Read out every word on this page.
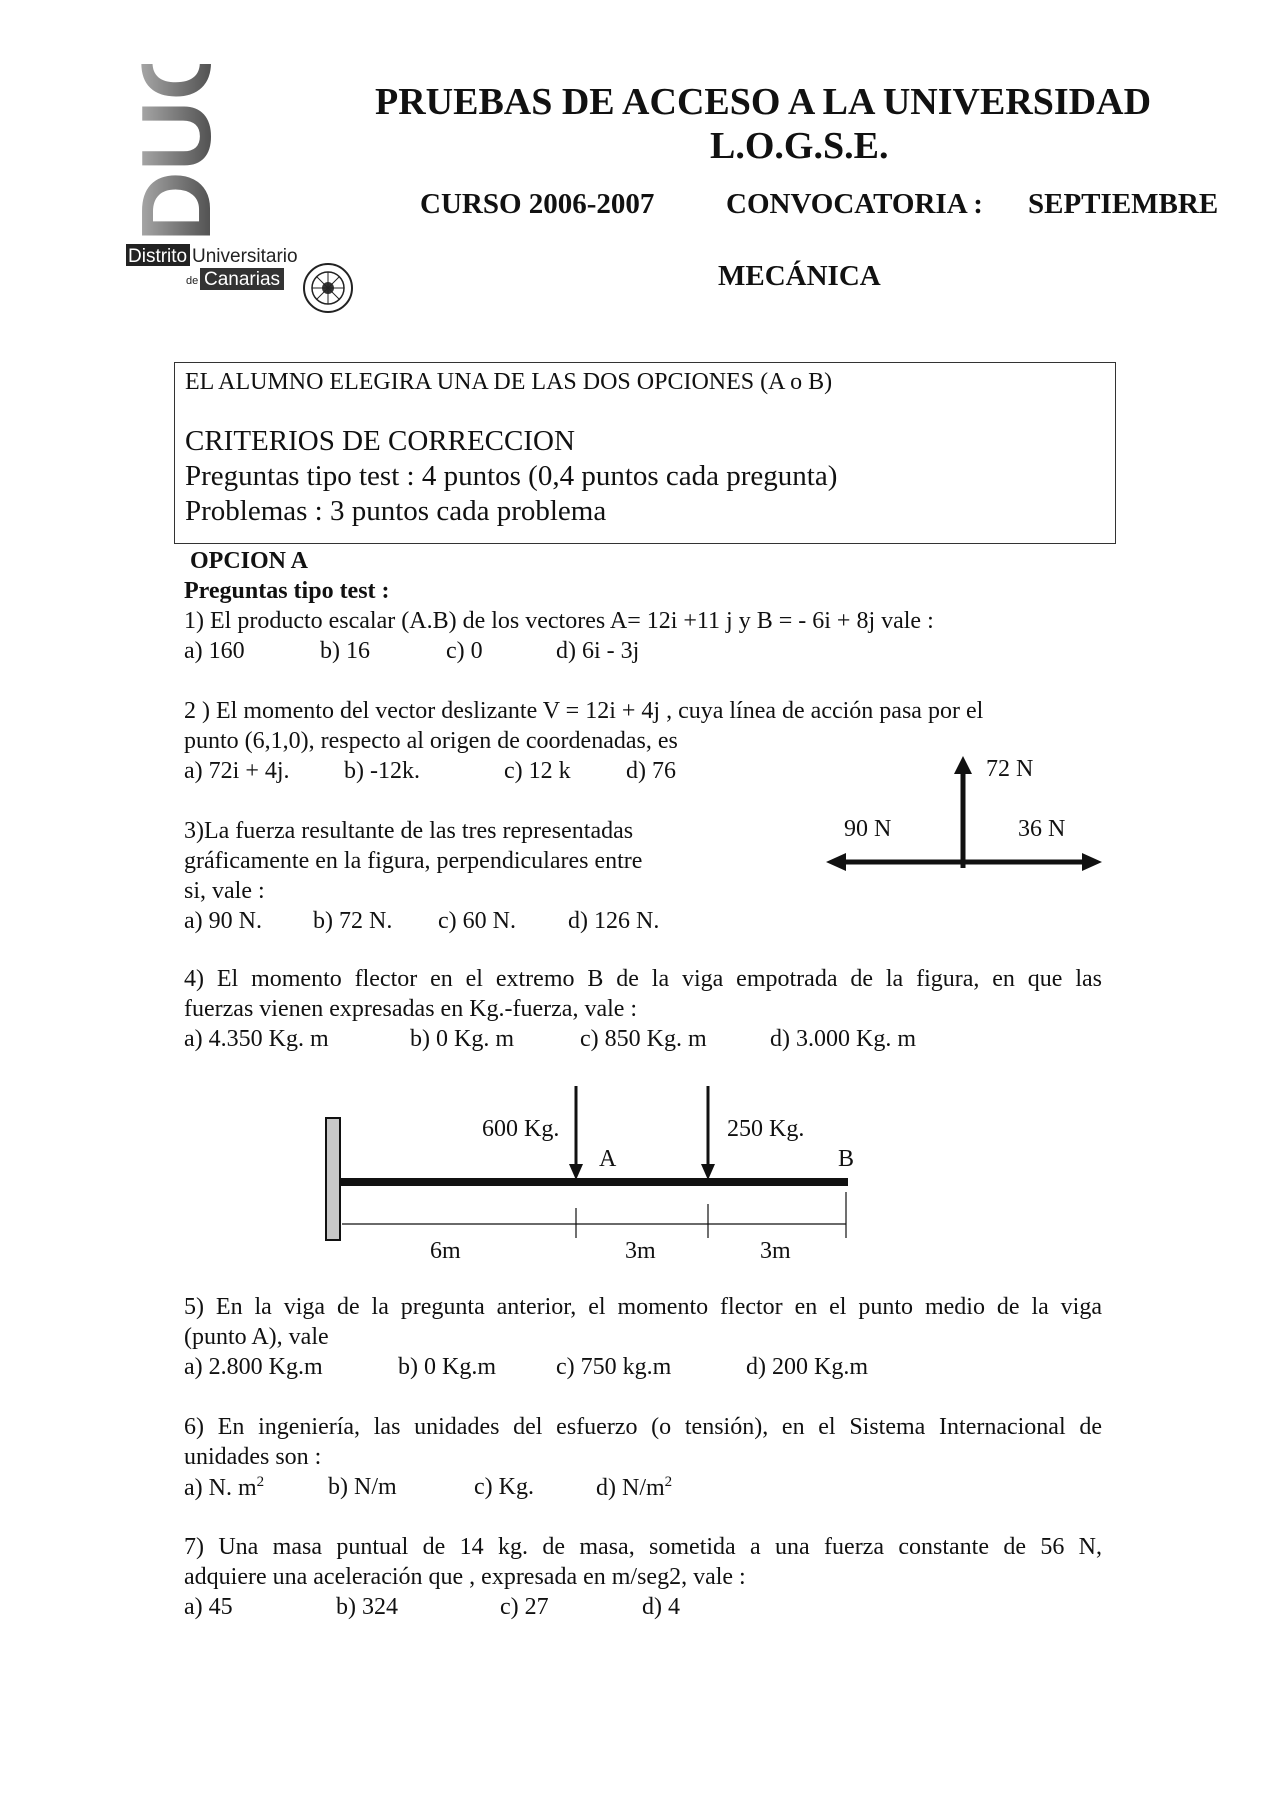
DUC
Distrito Universitario
de Canarias
PRUEBAS DE ACCESO A LA UNIVERSIDAD
L.O.G.S.E.
CURSO 2006-2007 CONVOCATORIA : SEPTIEMBRE
MECÁNICA
EL ALUMNO ELEGIRA UNA DE LAS DOS OPCIONES (A o B)
CRITERIOS DE CORRECCION
Preguntas tipo test : 4 puntos (0,4 puntos cada pregunta)
Problemas : 3 puntos cada problema
OPCION A
Preguntas tipo test :
1) El producto escalar (A.B) de los vectores A= 12i +11 j y B = - 6i + 8j vale :
a) 160	b) 16	c) 0	d) 6i - 3j
2 ) El momento del vector deslizante V = 12i + 4j , cuya línea de acción pasa por el
punto (6,1,0), respecto al origen de coordenadas, es
a) 72i + 4j. b) -12k.	c) 12 k d) 76
3)La fuerza resultante de las tres representadas
gráficamente en la figura, perpendiculares entre
si, vale :
a) 90 N. b) 72 N. c) 60 N. d) 126 N.
72 N
90 N	36 N
4) El momento flector en el extremo B de la viga empotrada de la figura, en que las
fuerzas vienen expresadas en Kg.-fuerza, vale :
a) 4.350 Kg. m	b) 0 Kg. m	c) 850 Kg. m	d) 3.000 Kg. m
600 Kg.	250 Kg.
A	B
6m	3m	3m
5) En la viga de la pregunta anterior, el momento flector en el punto medio de la viga
(punto A), vale
a) 2.800 Kg.m	b) 0 Kg.m	c) 750 kg.m	d) 200 Kg.m
6) En ingeniería, las unidades del esfuerzo (o tensión), en el Sistema Internacional de
unidades son :
a) N. $m^2$	b) N/m	c) Kg.	d) $N/m^2$
7) Una masa puntual de 14 kg. de masa, sometida a una fuerza constante de 56 N,
adquiere una aceleración que , expresada en m/seg2, vale :
a) 45	b) 324	c) 27	d) 4
